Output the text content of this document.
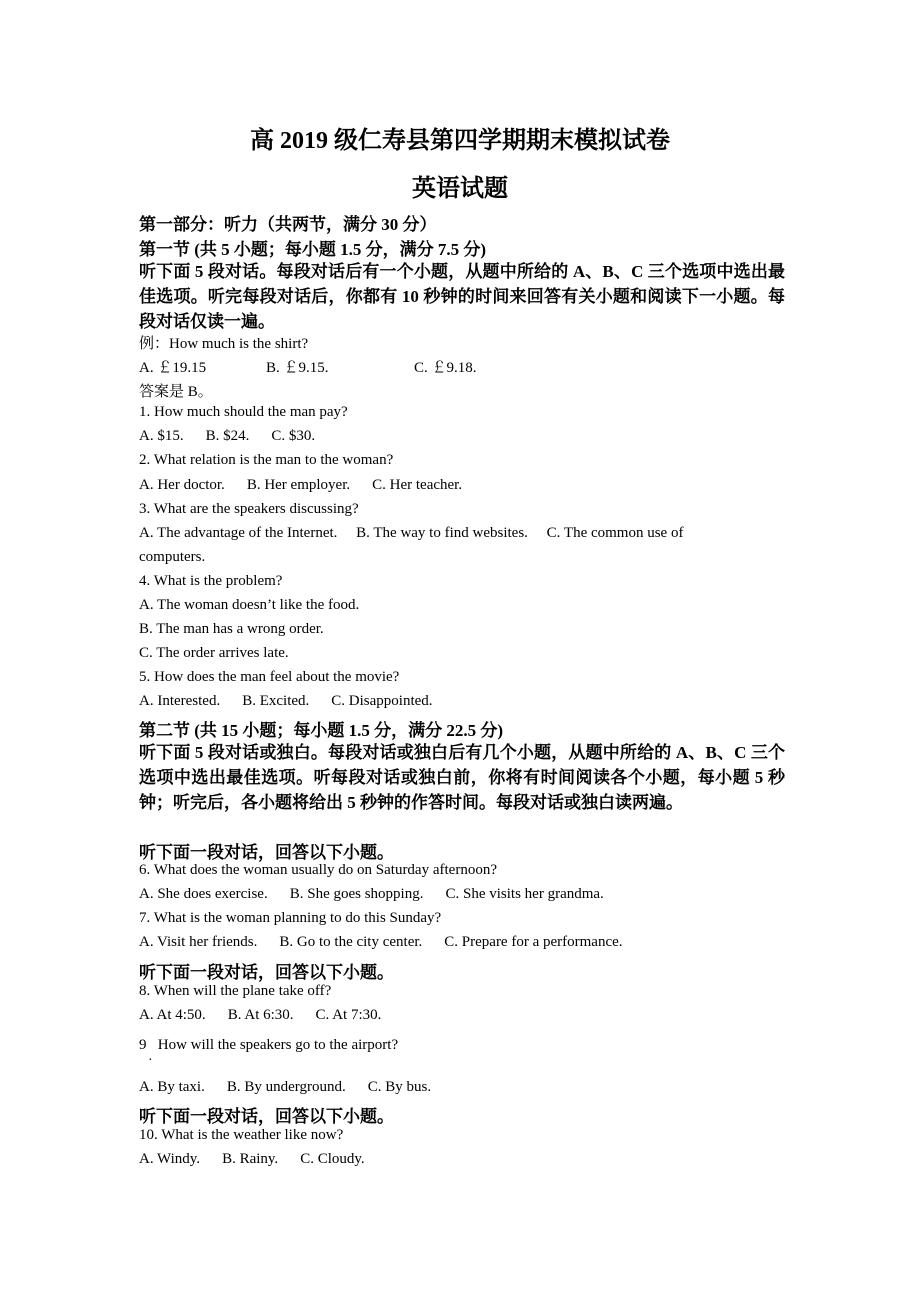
高 2019 级仁寿县第四学期期末模拟试卷
英语试题
第一部分：听力（共两节，满分 30 分）
第一节 (共 5 小题；每小题 1.5 分，满分 7.5 分)
听下面 5 段对话。每段对话后有一个小题，从题中所给的 A、B、C 三个选项中选出最佳选项。听完每段对话后，你都有 10 秒钟的时间来回答有关小题和阅读下一小题。每段对话仅读一遍。
例：How much is the shirt?
A. ￡19.15	B. ￡9.15.	C. ￡9.18.
答案是 B。
1. How much should the man pay?
A. $15. B. $24. C. $30.
2. What relation is the man to the woman?
A. Her doctor. B. Her employer. C. Her teacher.
3. What are the speakers discussing?
A. The advantage of the Internet.     B. The way to find websites.     C. The common use of
computers.
4. What is the problem?
A. The woman doesn’t like the food.
B. The man has a wrong order.
C. The order arrives late.
5. How does the man feel about the movie?
A. Interested. B. Excited. C. Disappointed.
第二节 (共 15 小题；每小题 1.5 分，满分 22.5 分)
听下面 5 段对话或独白。每段对话或独白后有几个小题，从题中所给的 A、B、C 三个选项中选出最佳选项。听每段对话或独白前，你将有时间阅读各个小题，每小题 5 秒钟；听完后，各小题将给出 5 秒钟的作答时间。每段对话或独白读两遍。
听下面一段对话，回答以下小题。
6. What does the woman usually do on Saturday afternoon?
A. She does exercise. B. She goes shopping. C. She visits her grandma.
7. What is the woman planning to do this Sunday?
A. Visit her friends. B. Go to the city center. C. Prepare for a performance.
听下面一段对话，回答以下小题。
8. When will the plane take off?
A. At 4:50. B. At 6:30. C. At 7:30.
9   How will the speakers go to the airport?
·
A. By taxi. B. By underground. C. By bus.
听下面一段对话，回答以下小题。
10. What is the weather like now?
A. Windy. B. Rainy. C. Cloudy.
